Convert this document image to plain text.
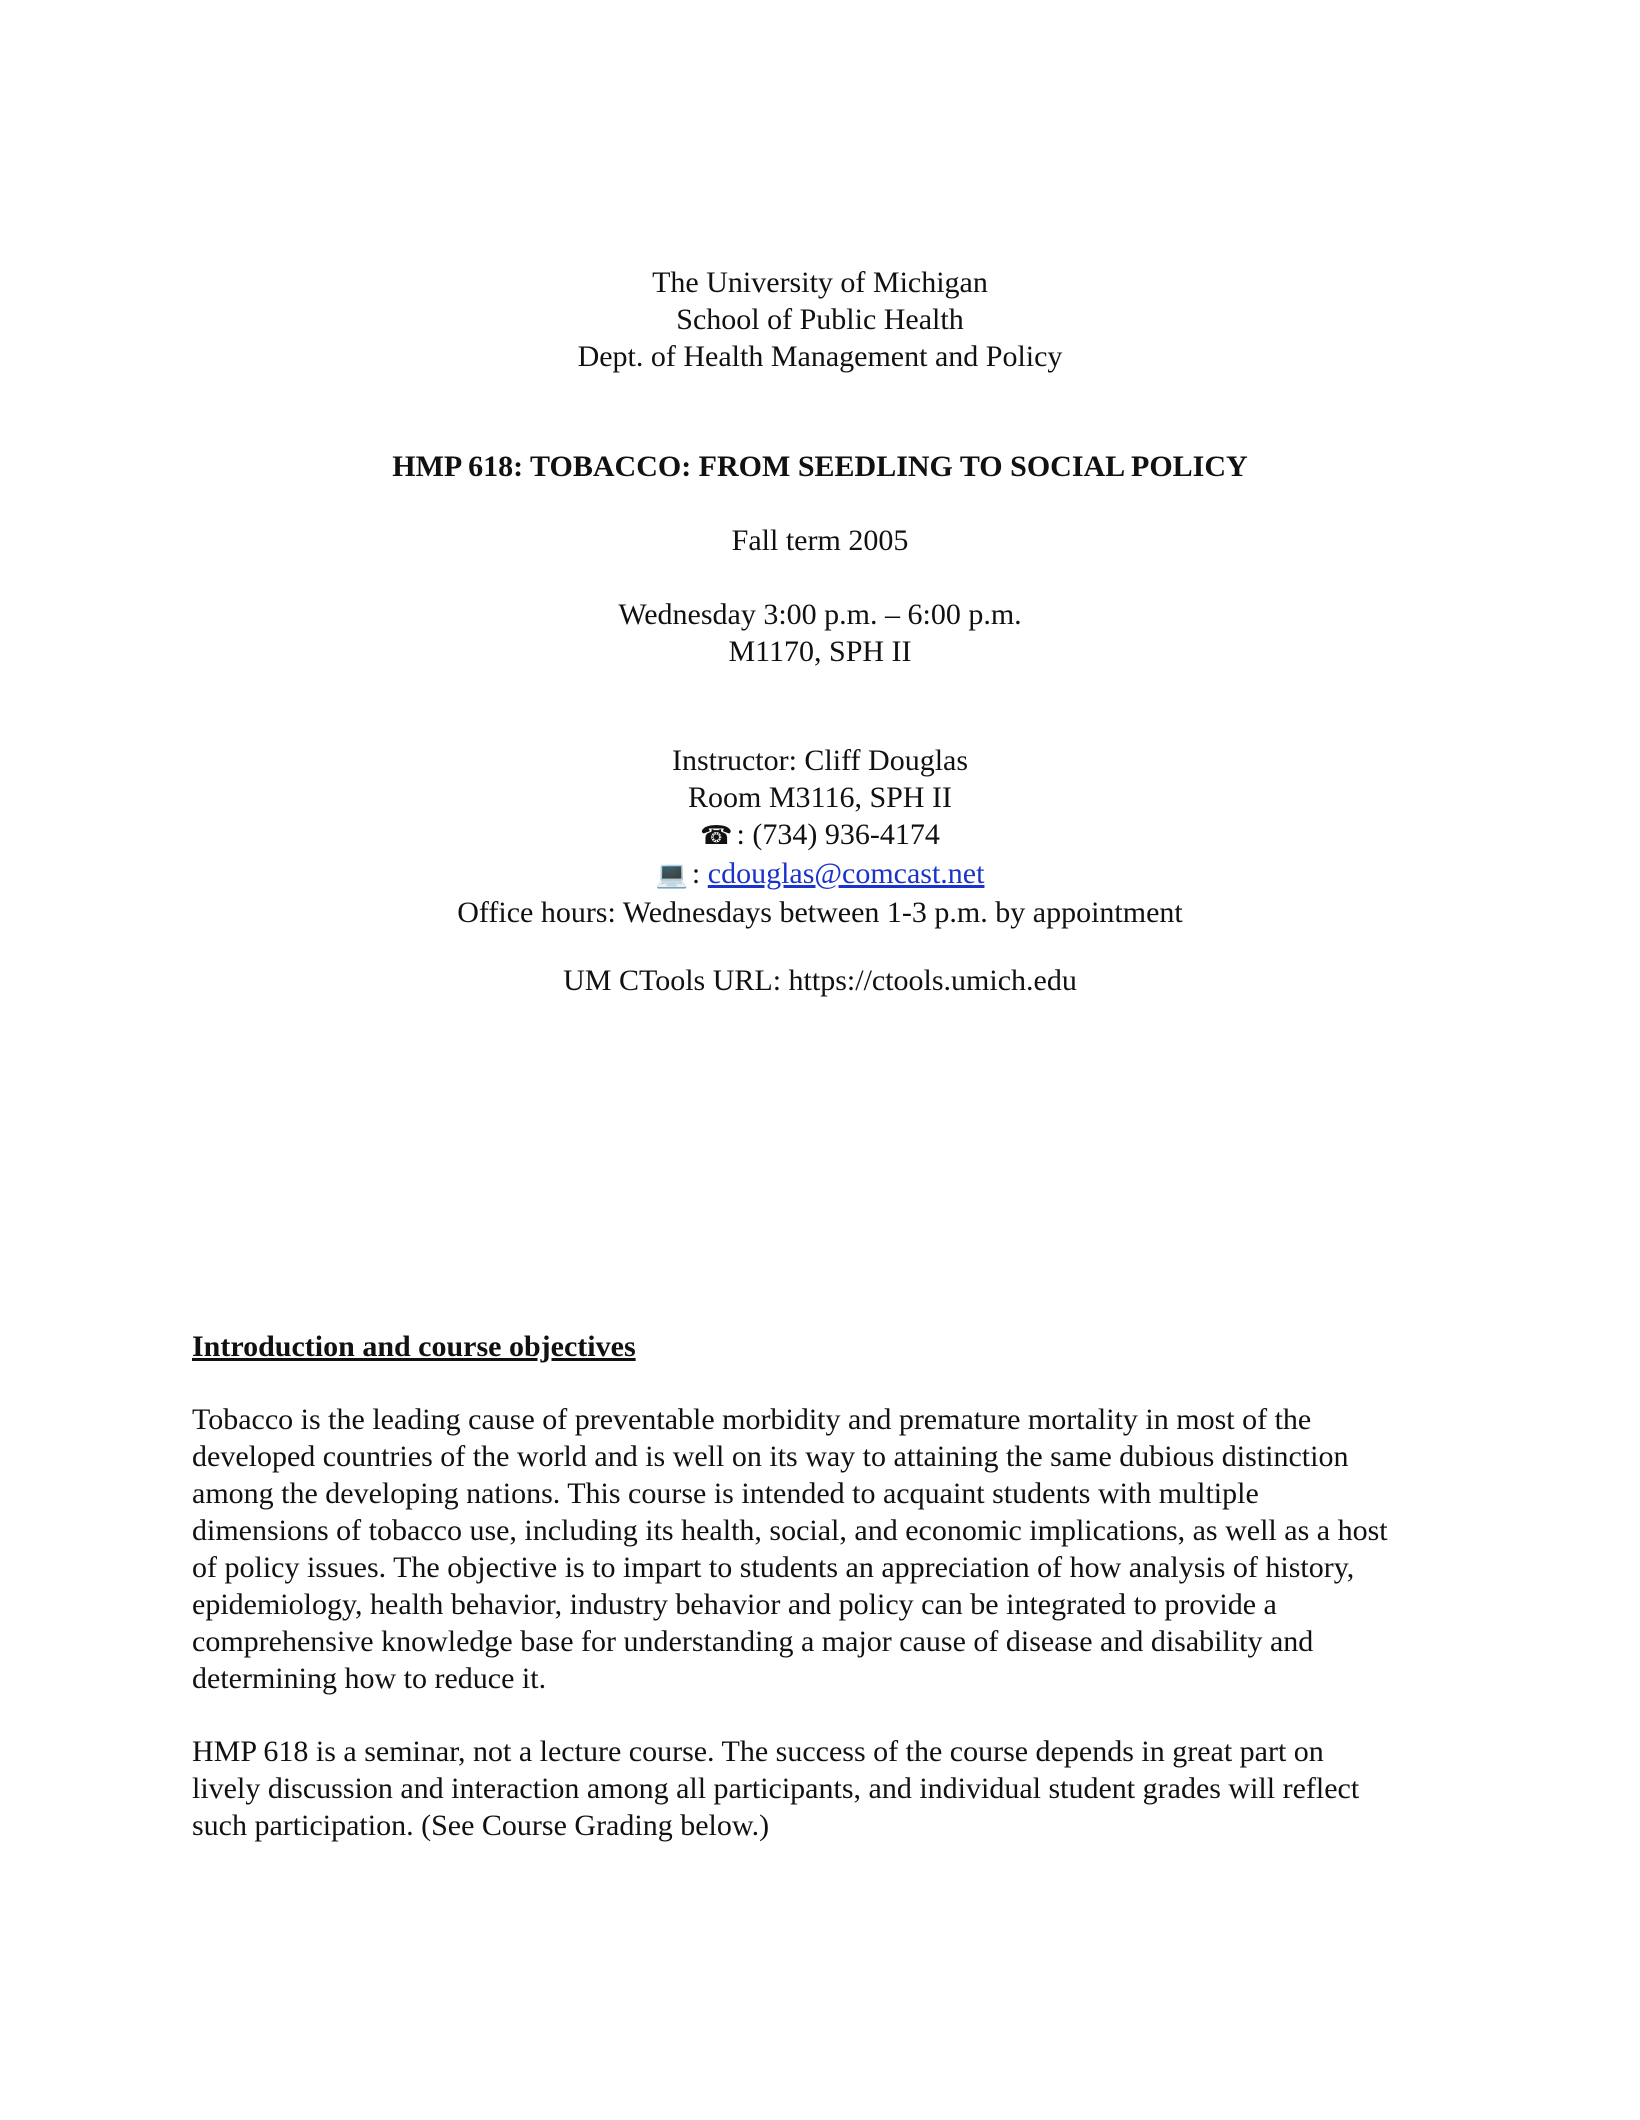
The University of Michigan

School of Public Health

Dept. of Health Management and Policy

HMP 618: TOBACCO: FROM SEEDLING TO SOCIAL POLICY

Fall term 2005

Wednesday 3:00 p.m. – 6:00 p.m.

M1170, SPH II

Instructor: Cliff Douglas

Room M3116, SPH II

☎ : (734) 936-4174

💻 : cdouglas@comcast.net

Office hours: Wednesdays between 1-3 p.m. by appointment

UM CTools URL: https://ctools.umich.edu

Introduction and course objectives

Tobacco is the leading cause of preventable morbidity and premature mortality in most of the
developed countries of the world and is well on its way to attaining the same dubious distinction
among the developing nations. This course is intended to acquaint students with multiple
dimensions of tobacco use, including its health, social, and economic implications, as well as a host
of policy issues. The objective is to impart to students an appreciation of how analysis of history,
epidemiology, health behavior, industry behavior and policy can be integrated to provide a
comprehensive knowledge base for understanding a major cause of disease and disability and
determining how to reduce it.

HMP 618 is a seminar, not a lecture course. The success of the course depends in great part on
lively discussion and interaction among all participants, and individual student grades will reflect
such participation. (See Course Grading below.)
